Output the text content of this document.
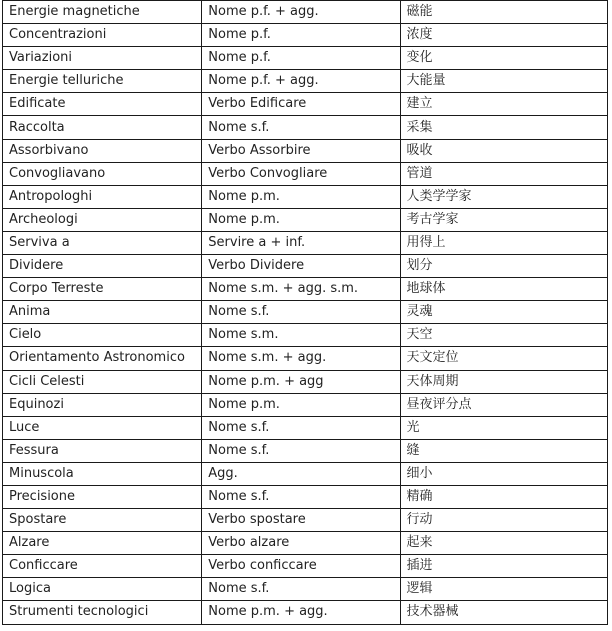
Energie magnetiche	Nome p.f. + agg.	磁能
Concentrazioni	Nome p.f.	浓度
Variazioni	Nome p.f.	变化
Energie telluriche	Nome p.f. + agg.	大能量
Edificate	Verbo Edificare	建立
Raccolta	Nome s.f.	采集
Assorbivano	Verbo Assorbire	吸收
Convogliavano	Verbo Convogliare	管道
Antropologhi	Nome p.m.	人类学学家
Archeologi	Nome p.m.	考古学家
Serviva a	Servire a + inf.	用得上
Dividere	Verbo Dividere	划分
Corpo Terreste	Nome s.m. + agg. s.m.	地球体
Anima	Nome s.f.	灵魂
Cielo	Nome s.m.	天空
Orientamento Astronomico	Nome s.m. + agg.	天文定位
Cicli Celesti	Nome p.m. + agg	天体周期
Equinozi	Nome p.m.	昼夜评分点
Luce	Nome s.f.	光
Fessura	Nome s.f.	缝
Minuscola	Agg.	细小
Precisione	Nome s.f.	精确
Spostare	Verbo spostare	行动
Alzare	Verbo alzare	起来
Conficcare	Verbo conficcare	插进
Logica	Nome s.f.	逻辑
Strumenti tecnologici	Nome p.m. + agg.	技术器械
